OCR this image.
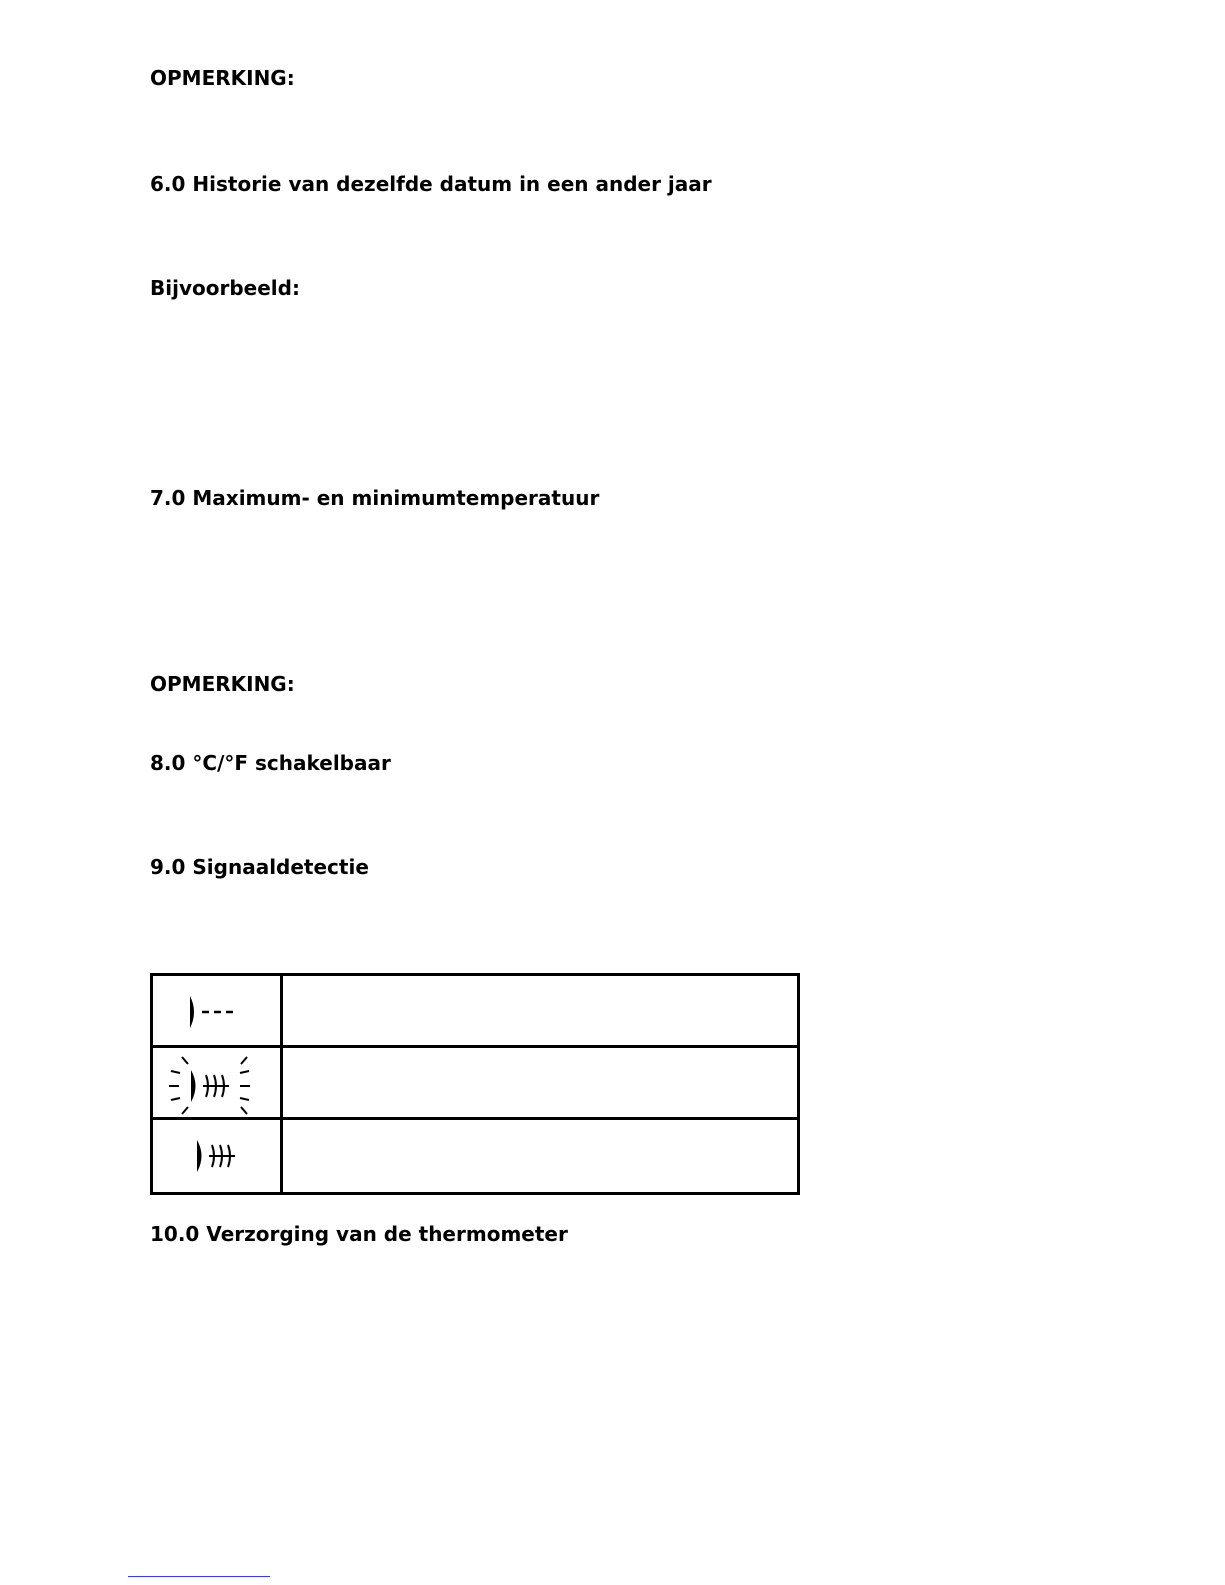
OPMERKING:
6.0 Historie van dezelfde datum in een ander jaar
Bijvoorbeeld:
7.0 Maximum- en minimumtemperatuur
OPMERKING:
8.0 °C/°F schakelbaar
9.0 Signaaldetectie
10.0 Verzorging van de thermometer
